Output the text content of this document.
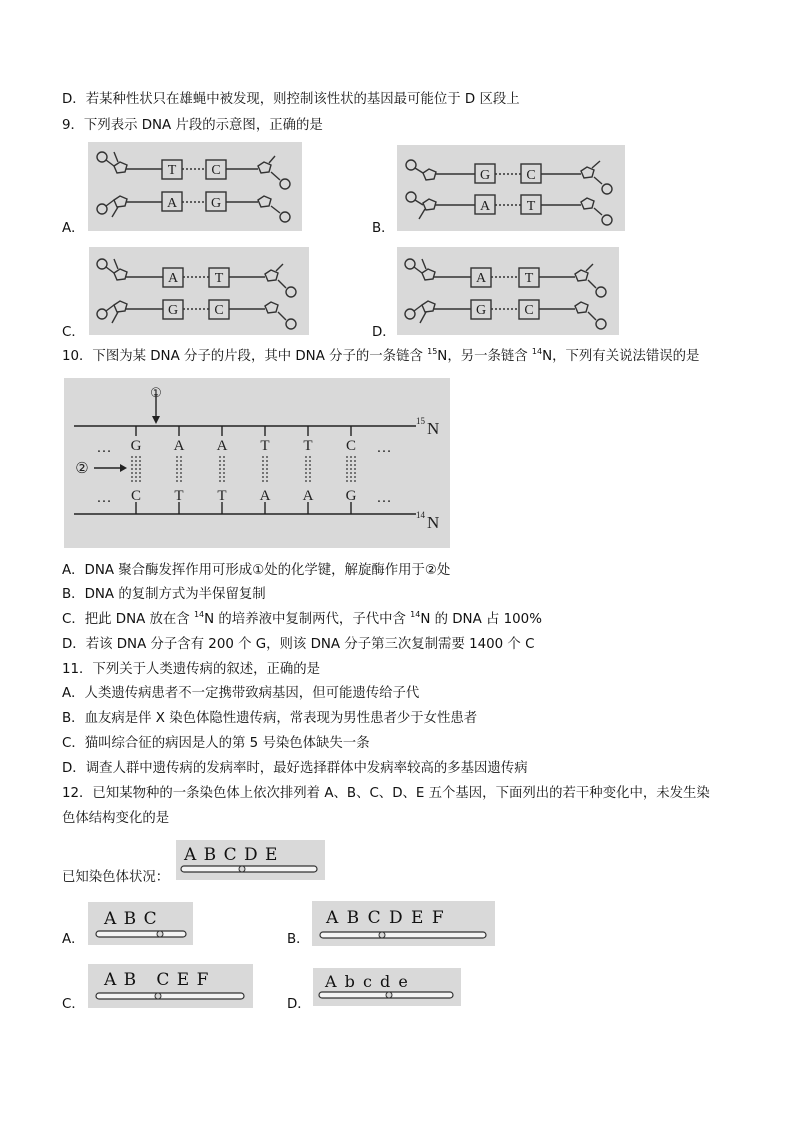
D．若某种性状只在雄蝇中被发现，则控制该性状的基因最可能位于 D 区段上
9．下列表示 DNA 片段的示意图，正确的是
A．
T	C
A G
B．
G	C
A	T
C．
A	T
G	C
D．
A	T
G	C
10．下图为某 DNA 分子的片段，其中 DNA 分子的一条链含 $^{15}$N，另一条链含 $^{14}$N，下列有关说法错误的是
①
②
…	…
…	…
G A A T T C
C T T A A G
15 N
14 N
A．DNA 聚合酶发挥作用可形成①处的化学键，解旋酶作用于②处
B．DNA 的复制方式为半保留复制
C．把此 DNA 放在含 $^{14}$N 的培养液中复制两代，子代中含 $^{14}$N 的 DNA 占 100%
D．若该 DNA 分子含有 200 个 G，则该 DNA 分子第三次复制需要 1400 个 C
11．下列关于人类遗传病的叙述，正确的是
A．人类遗传病患者不一定携带致病基因，但可能遗传给子代
B．血友病是伴 X 染色体隐性遗传病，常表现为男性患者少于女性患者
C．猫叫综合征的病因是人的第 5 号染色体缺失一条
D．调查人群中遗传病的发病率时，最好选择群体中发病率较高的多基因遗传病
12．已知某物种的一条染色体上依次排列着 A、B、C、D、E 五个基因，下面列出的若干种变化中，未发生染
色体结构变化的是
已知染色体状况：
A B C D E
A．
A B C
B．
A B C D E F
C．
A B   C E F
D．
A b c d e
